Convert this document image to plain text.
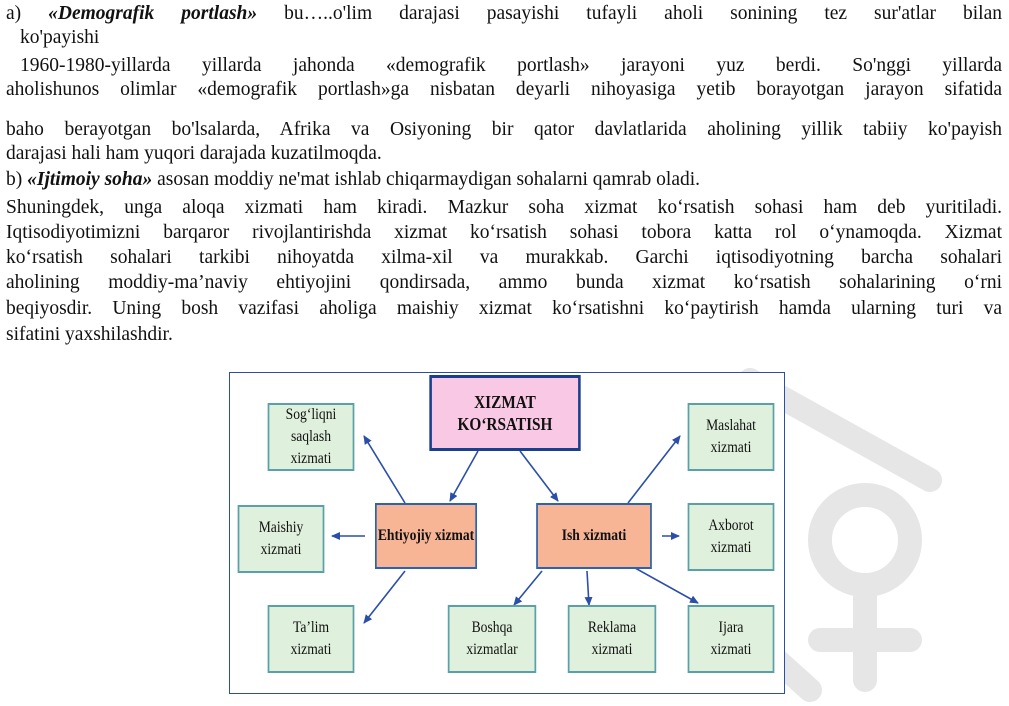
a) «Demografik portlash» bu…..o'lim darajasi pasayishi tufayli aholi sonining tez sur'atlar bilan
ko'payishi
1960-1980-yillarda yillarda jahonda «demografik portlash» jarayoni yuz berdi. So'nggi yillarda
aholishunos olimlar «demografik portlash»ga nisbatan deyarli nihoyasiga yetib borayotgan jarayon sifatida
baho berayotgan bo'lsalarda, Afrika va Osiyoning bir qator davlatlarida aholining yillik tabiiy ko'payish
darajasi hali ham yuqori darajada kuzatilmoqda.
b) «Ijtimoiy soha» asosan moddiy ne'mat ishlab chiqarmaydigan sohalarni qamrab oladi.
Shuningdek, unga aloqa xizmati ham kiradi. Mazkur soha xizmat ko‘rsatish sohasi ham deb yuritiladi.
Iqtisodiyotimizni barqaror rivojlantirishda xizmat ko‘rsatish sohasi tobora katta rol o‘ynamoqda. Xizmat
ko‘rsatish sohalari tarkibi nihoyatda xilma-xil va murakkab. Garchi iqtisodiyotning barcha sohalari
aholining moddiy-ma’naviy ehtiyojini qondirsada, ammo bunda xizmat ko‘rsatish sohalarining o‘rni
beqiyosdir. Uning bosh vazifasi aholiga maishiy xizmat ko‘rsatishni ko‘paytirish hamda ularning turi va
sifatini yaxshilashdir.
XIZMAT KO‘RSATISH
Ehtiyojiy xizmat	Ish xizmati
Sog‘liqni
saqlash xizmati
Maishiy
xizmati
Ta’lim
xizmati
Maslahat
xizmati
Axborot
xizmati
Ijara
xizmati
Boshqa
xizmatlar
Reklama
xizmati
